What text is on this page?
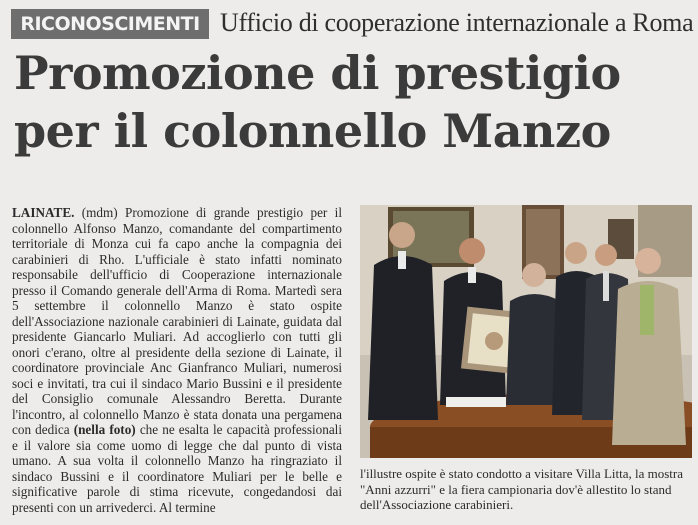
RICONOSCIMENTI Ufficio di cooperazione internazionale a Roma
Promozione di prestigio
per il colonnello Manzo

LAINATE. (mdm) Promozione di grande prestigio per il colonnello Alfonso Manzo, comandante del compartimento territoriale di Monza cui fa capo anche la compagnia dei carabinieri di Rho. L'ufficiale è stato infatti nominato responsabile dell'ufficio di Cooperazione internazionale presso il Comando generale dell'Arma di Roma. Martedì sera 5 settembre il colonnello Manzo è stato ospite dell'Associazione nazionale carabinieri di Lainate, guidata dal presidente Giancarlo Muliari. Ad accoglierlo con tutti gli onori c'erano, oltre al presidente della sezione di Lainate, il coordinatore provinciale Anc Gianfranco Muliari, numerosi soci e invitati, tra cui il sindaco Mario Bussini e il presidente del Consiglio comunale Alessandro Beretta. Durante l'incontro, al colonnello Manzo è stata donata una pergamena con dedica (nella foto) che ne esalta le capacità professionali e il valore sia come uomo di legge che dal punto di vista umano. A sua volta il colonnello Manzo ha ringraziato il sindaco Bussini e il coordinatore Muliari per le belle e significative parole di stima ricevute, congedandosi dai presenti con un arrivederci. Al termine

l'illustre ospite è stato condotto a visitare Villa Litta, la mostra "Anni azzurri" e la fiera campionaria dov'è allestito lo stand dell'Associazione carabinieri.
